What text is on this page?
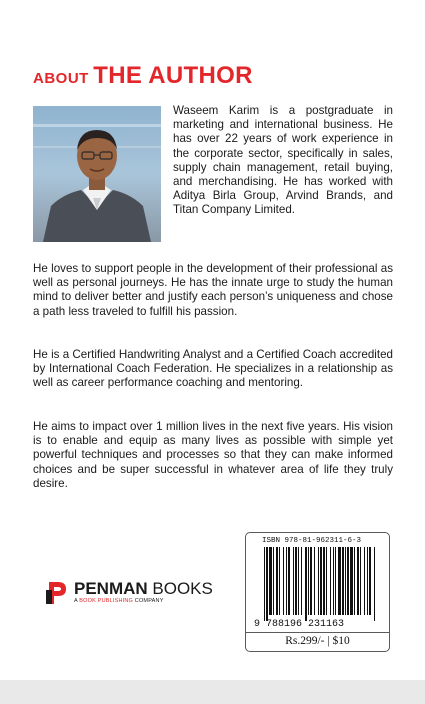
ABOUT THE AUTHOR

Waseem Karim is a postgraduate in marketing and international business. He has over 22 years of work experience in the corporate sector, specifically in sales, supply chain management, retail buying, and merchandising. He has worked with Aditya Birla Group, Arvind Brands, and Titan Company Limited.

He loves to support people in the development of their professional as well as personal journeys. He has the innate urge to study the human mind to deliver better and justify each person’s uniqueness and chose a path less traveled to fulfill his passion.

He is a Certified Handwriting Analyst and a Certified Coach accredited by International Coach Federation. He specializes in a relationship as well as career performance coaching and mentoring.

He aims to impact over 1 million lives in the next five years. His vision is to enable and equip as many lives as possible with simple yet powerful techniques and processes so that they can make informed choices and be super successful in whatever area of life they truly desire.

PENMAN BOOKS
A BOOK PUBLISHING COMPANY
ISBN 978-81-962311-6-3
9 788196 231163
Rs.299/- | $10
